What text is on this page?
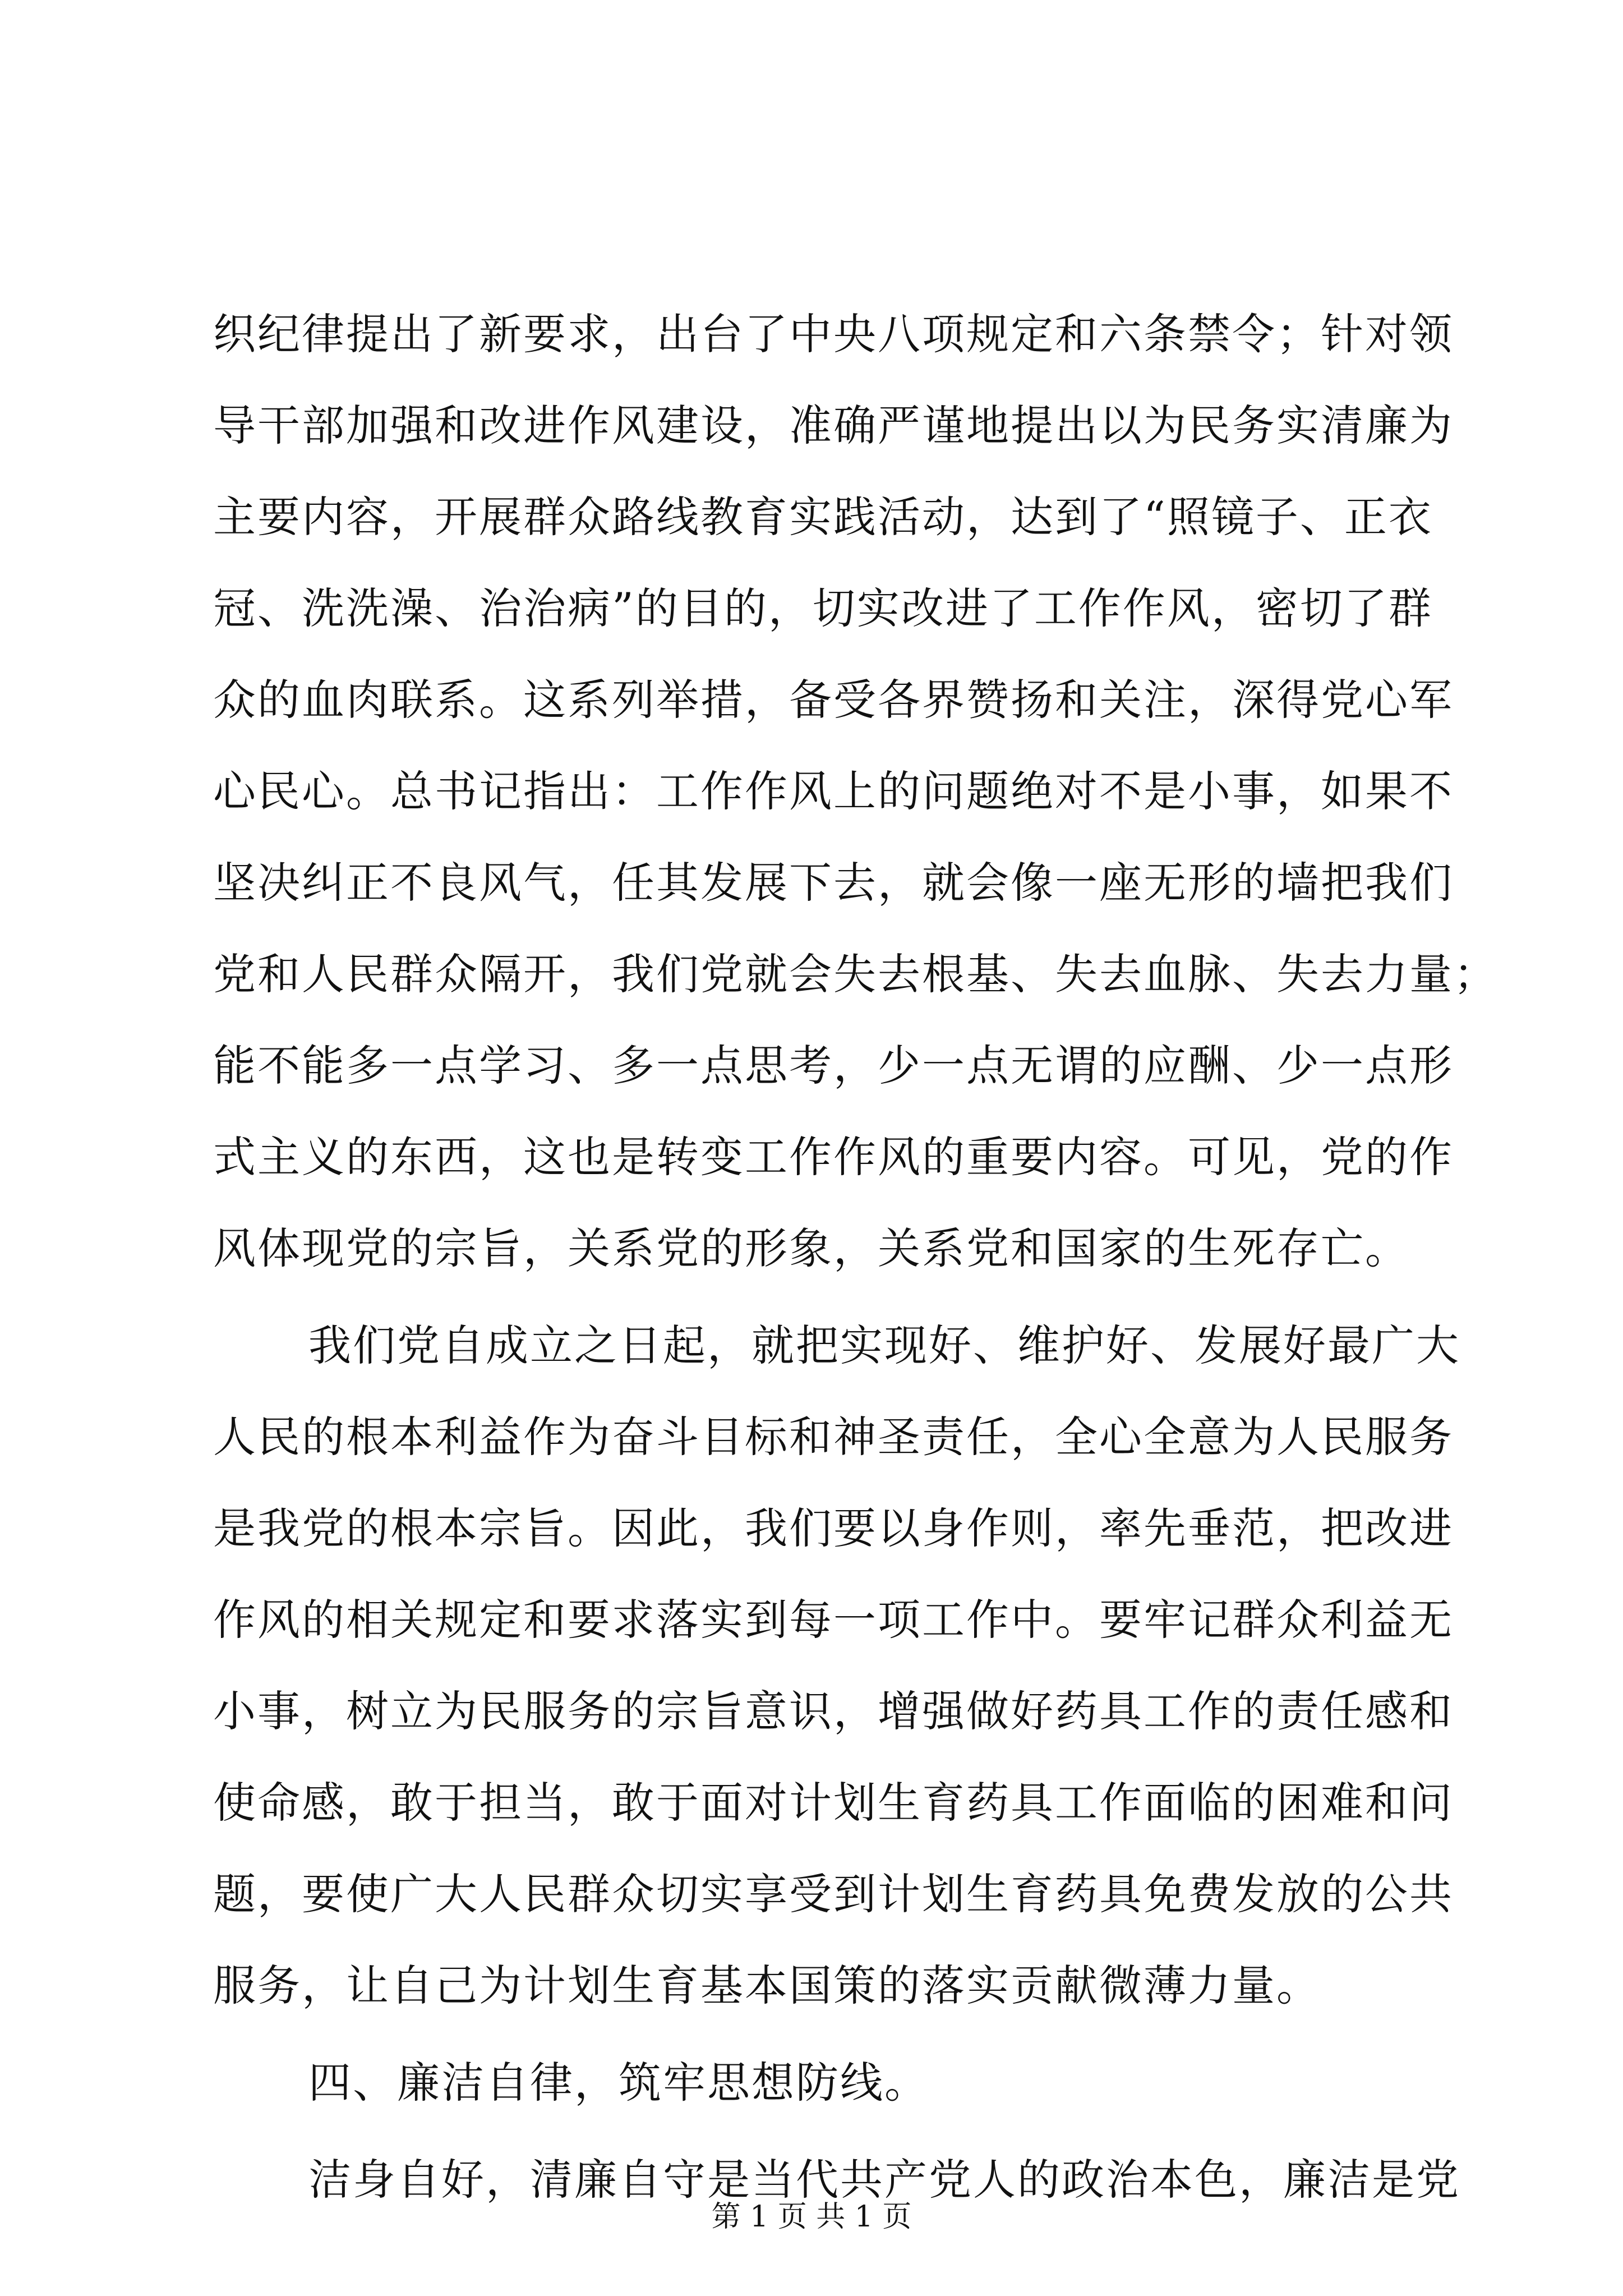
织纪律提出了新要求，出台了中央八项规定和六条禁令；针对领
导干部加强和改进作风建设，准确严谨地提出以为民务实清廉为
主要内容，开展群众路线教育实践活动，达到了“照镜子、正衣
冠、洗洗澡、治治病”的目的，切实改进了工作作风，密切了群
众的血肉联系。这系列举措，备受各界赞扬和关注，深得党心军
心民心。总书记指出：工作作风上的问题绝对不是小事，如果不
坚决纠正不良风气，任其发展下去，就会像一座无形的墙把我们
党和人民群众隔开，我们党就会失去根基、失去血脉、失去力量；
能不能多一点学习、多一点思考，少一点无谓的应酬、少一点形
式主义的东西，这也是转变工作作风的重要内容。可见，党的作
风体现党的宗旨，关系党的形象，关系党和国家的生死存亡。
我们党自成立之日起，就把实现好、维护好、发展好最广大
人民的根本利益作为奋斗目标和神圣责任，全心全意为人民服务
是我党的根本宗旨。因此，我们要以身作则，率先垂范，把改进
作风的相关规定和要求落实到每一项工作中。要牢记群众利益无
小事，树立为民服务的宗旨意识，增强做好药具工作的责任感和
使命感，敢于担当，敢于面对计划生育药具工作面临的困难和问
题，要使广大人民群众切实享受到计划生育药具免费发放的公共
服务，让自己为计划生育基本国策的落实贡献微薄力量。
四、廉洁自律，筑牢思想防线。
洁身自好，清廉自守是当代共产党人的政治本色，廉洁是党
第 1 页 共 1 页
